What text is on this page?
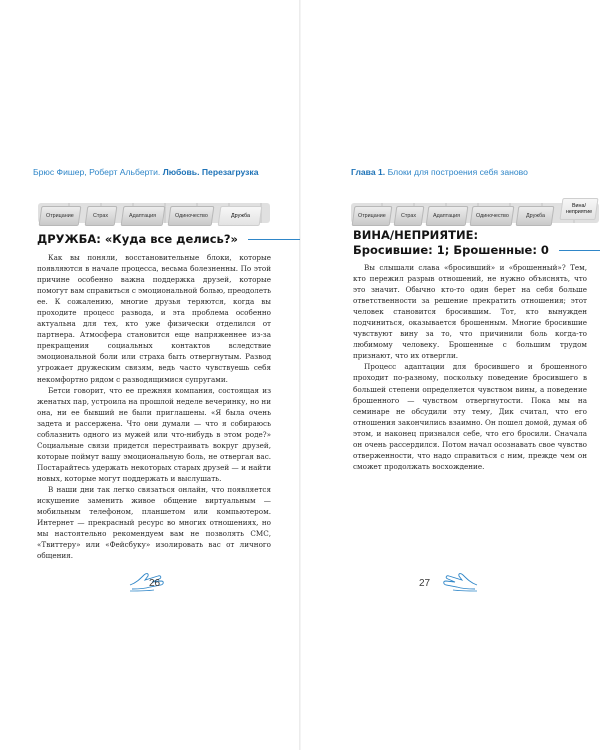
Брюс Фишер, Роберт Альберти. Любовь. Перезагрузка
Отрицание	Страх	Адаптация	Одиночество	Дружба
ДРУЖБА: «Куда все делись?»

Как вы поняли, восстановительные блоки, которые появляются в начале процесса, весьма болезненны. По этой причине особенно важна поддержка друзей, которые помогут вам справиться с эмоциональной болью, преодолеть ее. К сожалению, многие друзья теряются, когда вы проходите процесс развода, и эта проблема особенно актуальна для тех, кто уже физически отделился от партнера. Атмосфера становится еще напряженнее из-за прекращения социальных контактов вследствие эмоциональной боли или страха быть отвергнутым. Развод угрожает дружеским связям, ведь часто чувствуешь себя некомфортно рядом с разводящимися супругами.

Бетси говорит, что ее прежняя компания, состоящая из женатых пар, устроила на прошлой неделе вечеринку, но ни она, ни ее бывший не были приглашены. «Я была очень задета и рассержена. Что они думали — что я собираюсь соблазнить одного из мужей или что-нибудь в этом роде?» Социальные связи придется перестраивать вокруг друзей, которые поймут вашу эмоциональную боль, не отвергая вас. Постарайтесь удержать некоторых старых друзей — и найти новых, которые могут поддержать и выслушать.

В наши дни так легко связаться онлайн, что появляется искушение заменить живое общение виртуальным — мобильным телефоном, планшетом или компьютером. Интернет — прекрасный ресурс во многих отношениях, но мы настоятельно рекомендуем вам не позволять СМС, «Твиттеру» или «Фейсбуку» изолировать вас от личного общения.

26
Глава 1. Блоки для построения себя заново
Отрицание	Страх	Адаптация	Одиночество	Дружба
Вина/ неприятие
ВИНА/НЕПРИЯТИЕ:
Бросившие: 1; Брошенные: 0

Вы слышали слава «бросивший» и «брошенный»? Тем, кто пережил разрыв отношений, не нужно объяснять, что это значит. Обычно кто-то один берет на себя больше ответственности за решение прекратить отношения; этот человек становится бросившим. Тот, кто вынужден подчиниться, оказывается брошенным. Многие бросившие чувствуют вину за то, что причинили боль когда-то любимому человеку. Брошенные с большим трудом признают, что их отвергли.

Процесс адаптации для бросившего и брошенного проходит по-разному, поскольку поведение бросившего в большей степени определяется чувством вины, а поведение брошенного — чувством отвергнутости. Пока мы на семинаре не обсудили эту тему, Дик считал, что его отношения закончились взаимно. Он пошел домой, думая об этом, и наконец признался себе, что его бросили. Сначала он очень рассердился. Потом начал осознавать свое чувство отверженности, что надо справиться с ним, прежде чем он сможет продолжать восхождение.

27
